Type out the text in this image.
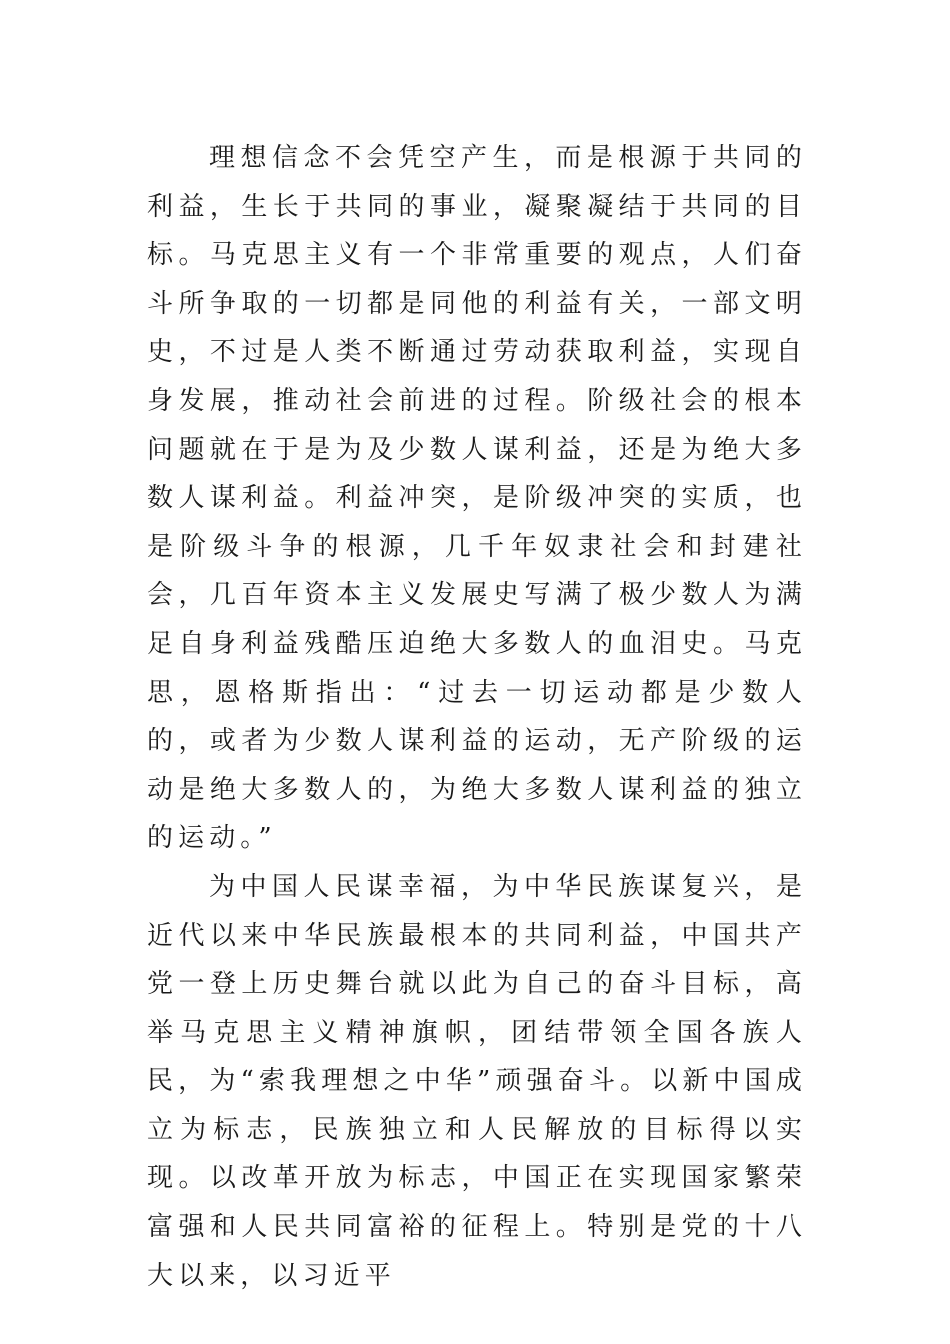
理想信念不会凭空产生，而是根源于共同的利益，生长于共同的事业，凝聚凝结于共同的目标。马克思主义有一个非常重要的观点，人们奋斗所争取的一切都是同他的利益有关，一部文明史，不过是人类不断通过劳动获取利益，实现自身发展，推动社会前进的过程。阶级社会的根本问题就在于是为及少数人谋利益，还是为绝大多数人谋利益。利益冲突，是阶级冲突的实质，也是阶级斗争的根源，几千年奴隶社会和封建社会，几百年资本主义发展史写满了极少数人为满足自身利益残酷压迫绝大多数人的血泪史。马克思，恩格斯指出：“过去一切运动都是少数人的，或者为少数人谋利益的运动，无产阶级的运动是绝大多数人的，为绝大多数人谋利益的独立的运动。”

为中国人民谋幸福，为中华民族谋复兴，是近代以来中华民族最根本的共同利益，中国共产党一登上历史舞台就以此为自己的奋斗目标，高举马克思主义精神旗帜，团结带领全国各族人民，为“索我理想之中华”顽强奋斗。以新中国成立为标志，民族独立和人民解放的目标得以实现。以改革开放为标志，中国正在实现国家繁荣富强和人民共同富裕的征程上。特别是党的十八大以来，以习近平
